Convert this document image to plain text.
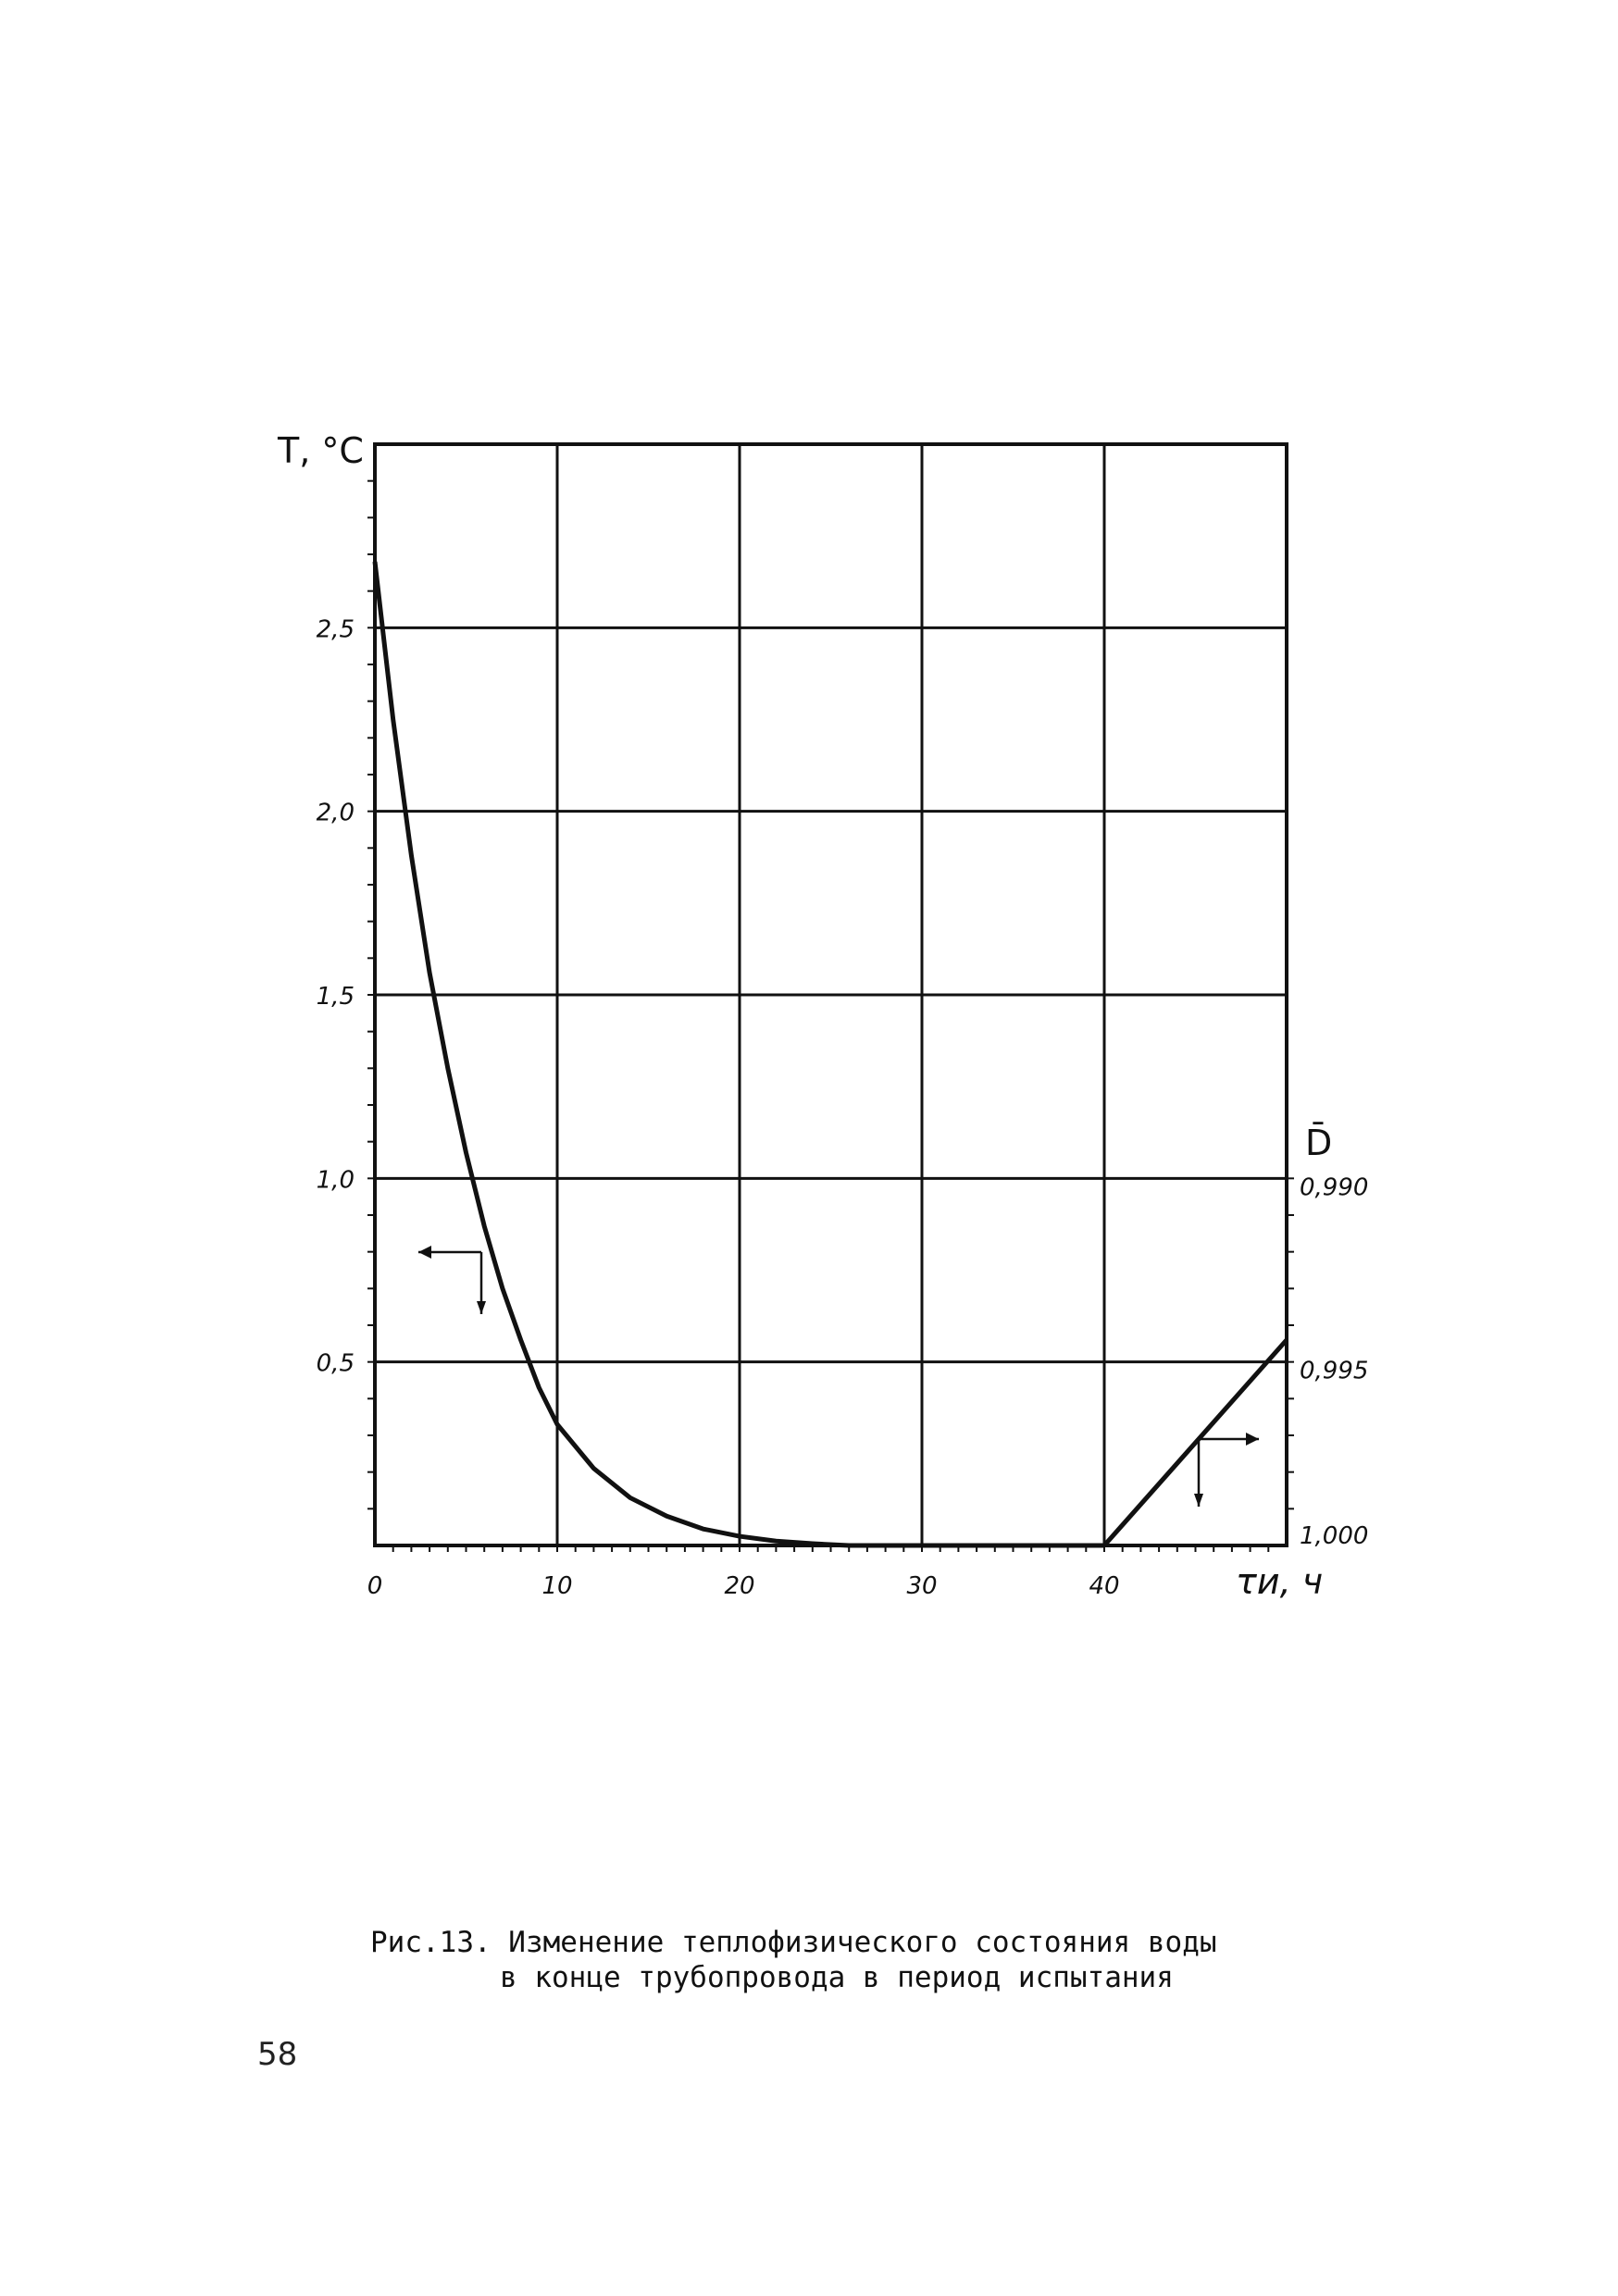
0	10	20	30	40
0,5
1,0
1,5
2,0
2,5
1,000
0,995
0,990
T, °C
D̄
τи, ч
Рис.13. Изменение теплофизического состояния воды
в конце трубопровода в период испытания
58
